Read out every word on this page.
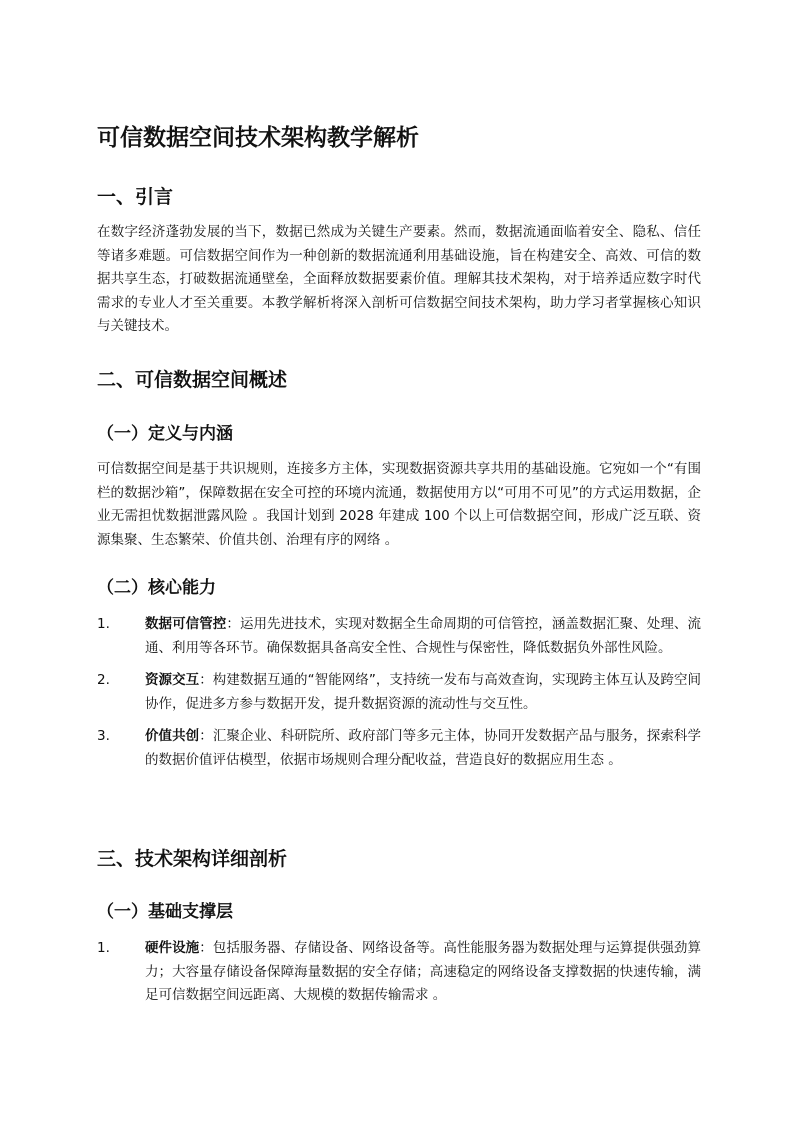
可信数据空间技术架构教学解析
一、引言

在数字经济蓬勃发展的当下，数据已然成为关键生产要素。然而，数据流通面临着安全、隐私、信任等诸多难题。可信数据空间作为一种创新的数据流通利用基础设施，旨在构建安全、高效、可信的数据共享生态，打破数据流通壁垒，全面释放数据要素价值。理解其技术架构，对于培养适应数字时代需求的专业人才至关重要。本教学解析将深入剖析可信数据空间技术架构，助力学习者掌握核心知识与关键技术。

二、可信数据空间概述
（一）定义与内涵

可信数据空间是基于共识规则，连接多方主体，实现数据资源共享共用的基础设施。它宛如一个“有围栏的数据沙箱”，保障数据在安全可控的环境内流通，数据使用方以“可用不可见”的方式运用数据，企业无需担忧数据泄露风险 。我国计划到 2028 年建成 100 个以上可信数据空间，形成广泛互联、资源集聚、生态繁荣、价值共创、治理有序的网络 。

（二）核心能力
1.	数据可信管控：运用先进技术，实现对数据全生命周期的可信管控，涵盖数据汇聚、处理、流通、利用等各环节。确保数据具备高安全性、合规性与保密性，降低数据负外部性风险。
2.	资源交互：构建数据互通的“智能网络”，支持统一发布与高效查询，实现跨主体互认及跨空间协作，促进多方参与数据开发，提升数据资源的流动性与交互性。
3.	价值共创：汇聚企业、科研院所、政府部门等多元主体，协同开发数据产品与服务，探索科学的数据价值评估模型，依据市场规则合理分配收益，营造良好的数据应用生态 。
三、技术架构详细剖析
（一）基础支撑层
1.	硬件设施：包括服务器、存储设备、网络设备等。高性能服务器为数据处理与运算提供强劲算力；大容量存储设备保障海量数据的安全存储；高速稳定的网络设备支撑数据的快速传输，满足可信数据空间远距离、大规模的数据传输需求 。
